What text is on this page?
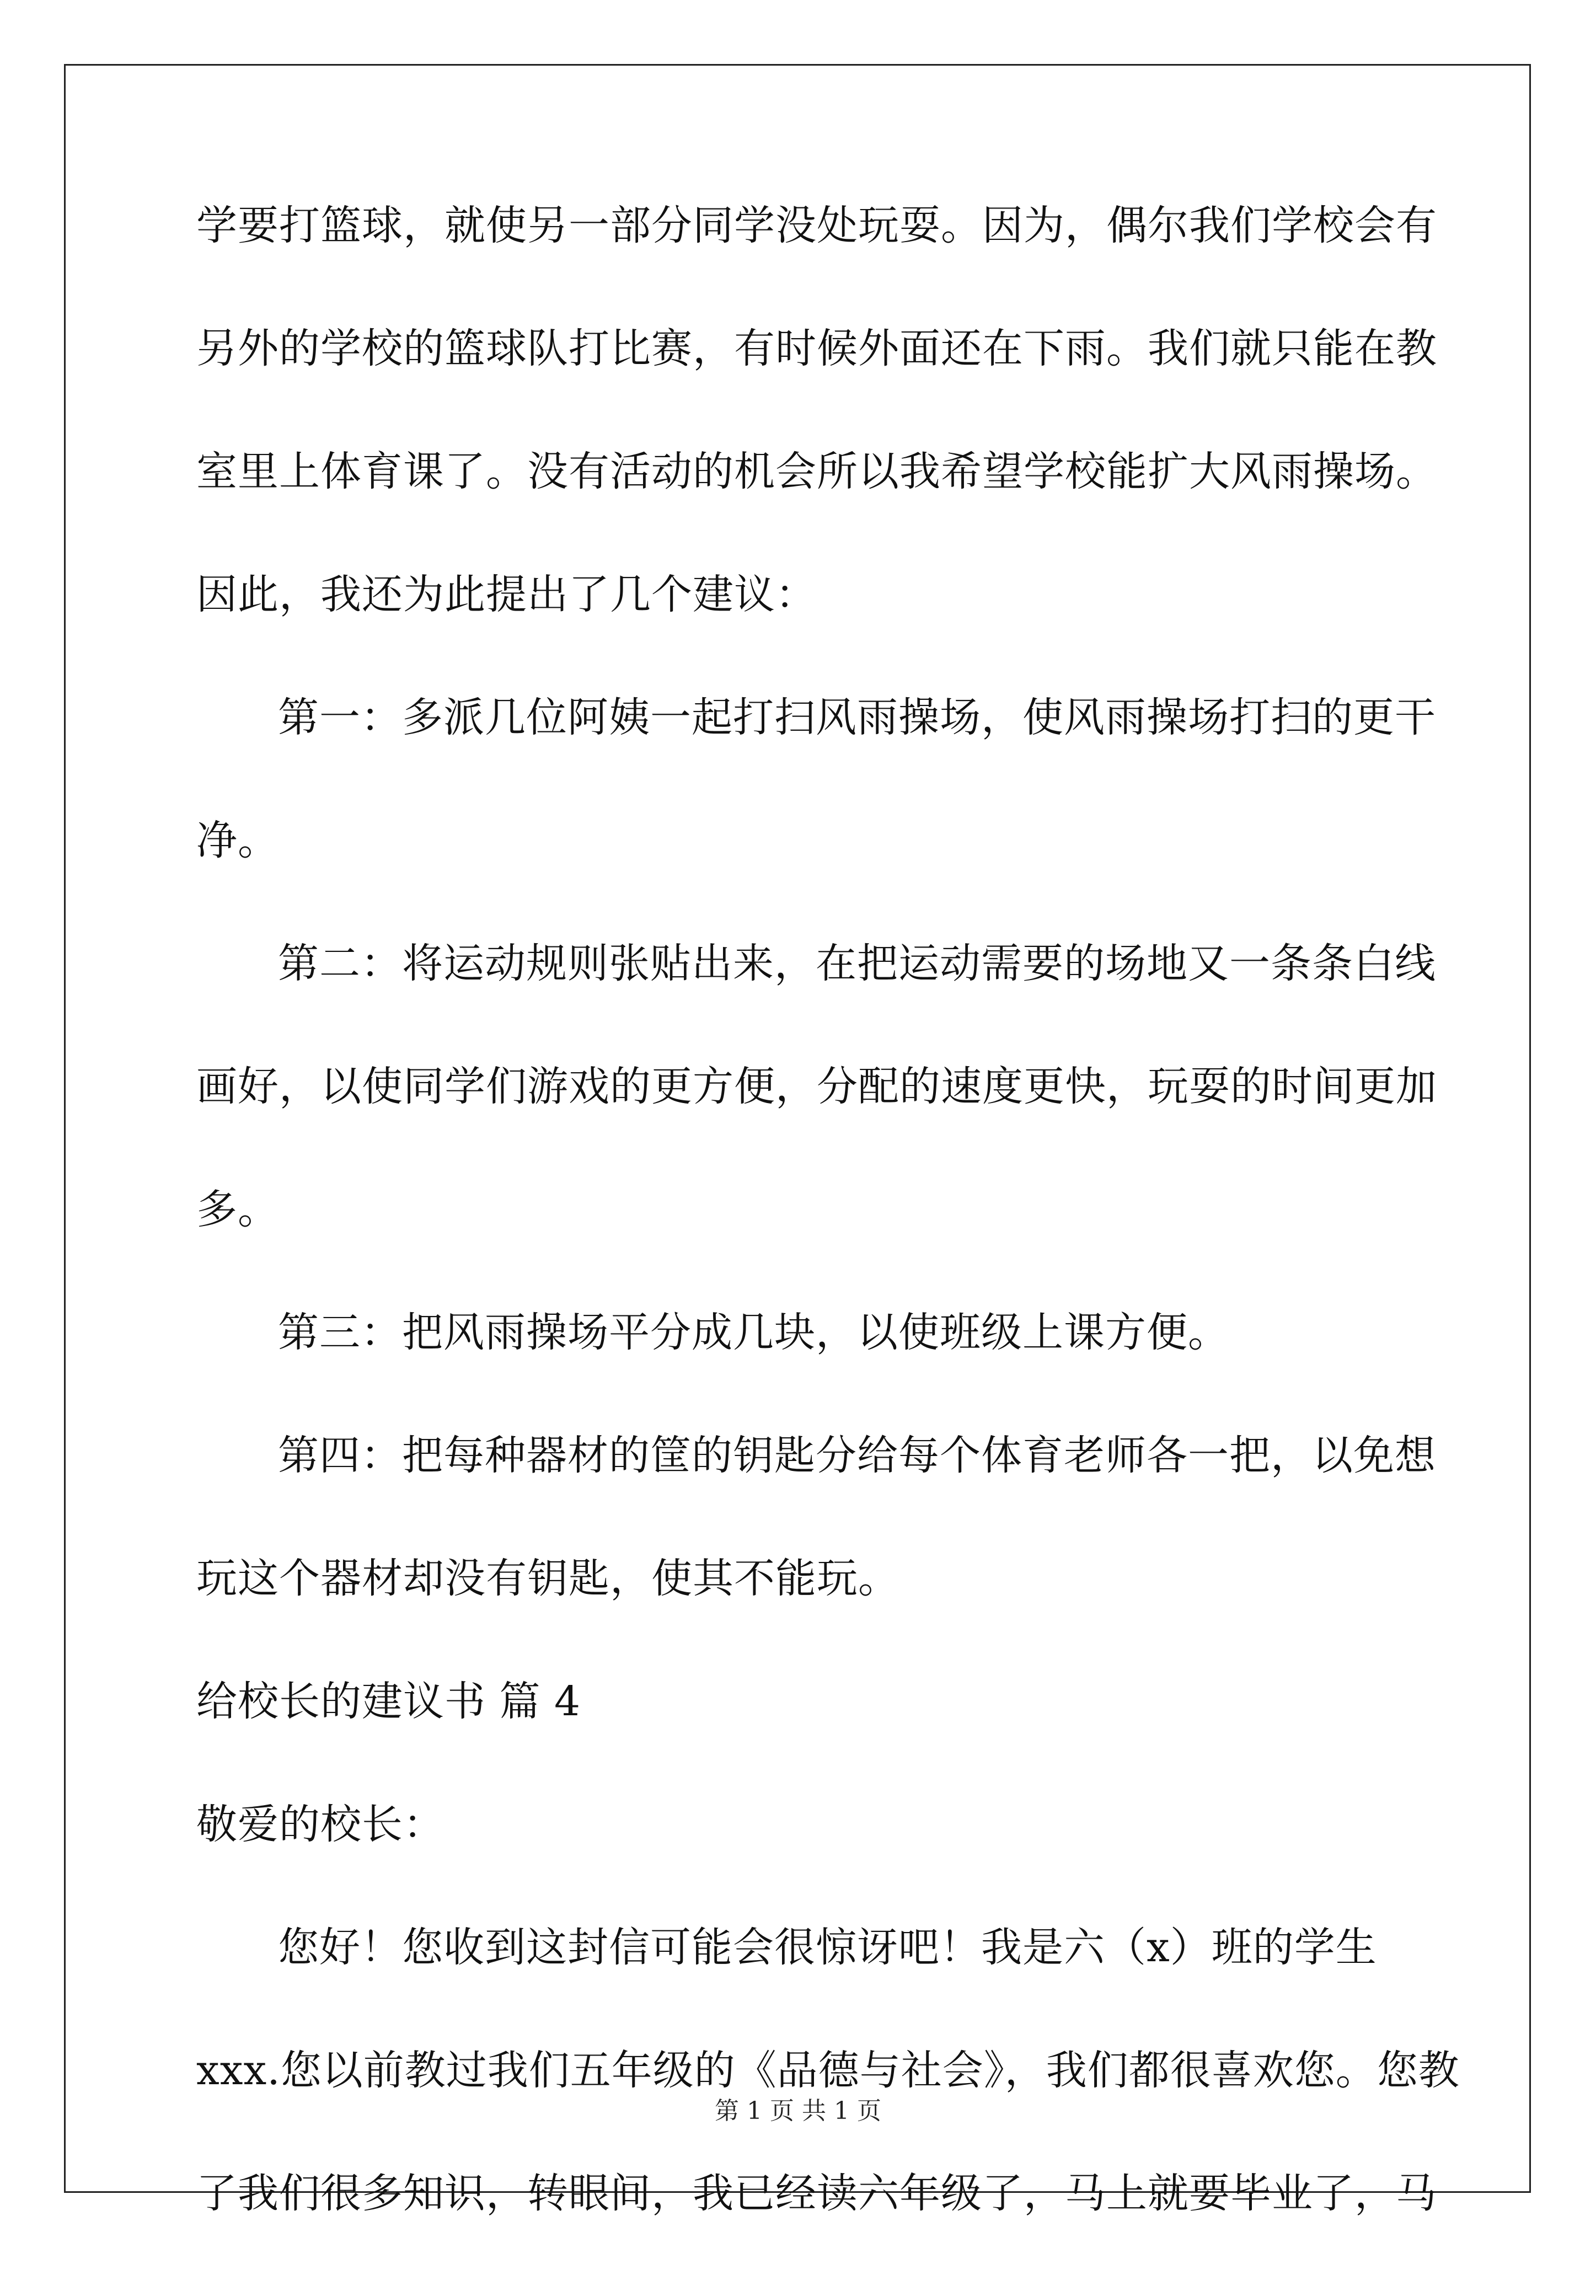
学要打篮球，就使另一部分同学没处玩耍。因为，偶尔我们学校会有
另外的学校的篮球队打比赛，有时候外面还在下雨。我们就只能在教
室里上体育课了。没有活动的机会所以我希望学校能扩大风雨操场。
因此，我还为此提出了几个建议：
第一：多派几位阿姨一起打扫风雨操场，使风雨操场打扫的更干
净。
第二：将运动规则张贴出来，在把运动需要的场地又一条条白线
画好，以使同学们游戏的更方便，分配的速度更快，玩耍的时间更加
多。
第三：把风雨操场平分成几块，以使班级上课方便。
第四：把每种器材的筐的钥匙分给每个体育老师各一把，以免想
玩这个器材却没有钥匙，使其不能玩。
给校长的建议书 篇 4
敬爱的校长：
您好！您收到这封信可能会很惊讶吧！我是六（x）班的学生
xxx.您以前教过我们五年级的《品德与社会》，我们都很喜欢您。您教
了我们很多知识，转眼间，我已经读六年级了，马上就要毕业了，马
第 1 页 共 1 页
